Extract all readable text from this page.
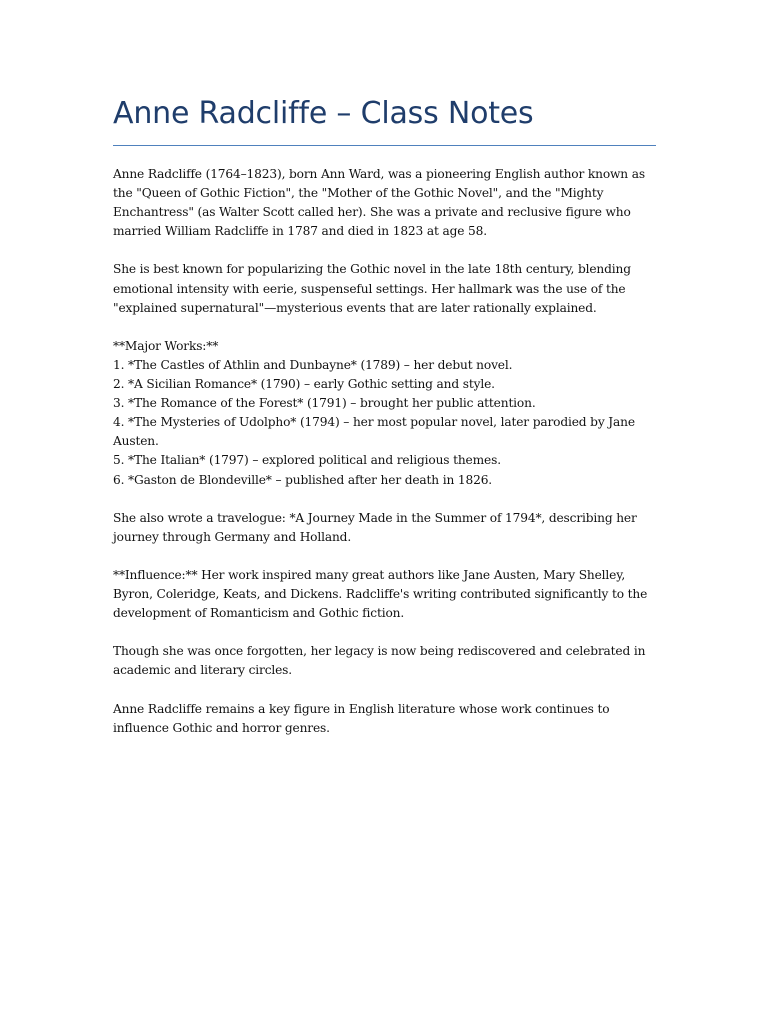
Anne Radcliffe – Class Notes

Anne Radcliffe (1764–1823), born Ann Ward, was a pioneering English author known as the "Queen of Gothic Fiction", the "Mother of the Gothic Novel", and the "Mighty Enchantress" (as Walter Scott called her). She was a private and reclusive figure who married William Radcliffe in 1787 and died in 1823 at age 58.

She is best known for popularizing the Gothic novel in the late 18th century, blending emotional intensity with eerie, suspenseful settings. Her hallmark was the use of the "explained supernatural"—mysterious events that are later rationally explained.

**Major Works:**
1. *The Castles of Athlin and Dunbayne* (1789) – her debut novel.
2. *A Sicilian Romance* (1790) – early Gothic setting and style.
3. *The Romance of the Forest* (1791) – brought her public attention.
4. *The Mysteries of Udolpho* (1794) – her most popular novel, later parodied by Jane Austen.
5. *The Italian* (1797) – explored political and religious themes.
6. *Gaston de Blondeville* – published after her death in 1826.

She also wrote a travelogue: *A Journey Made in the Summer of 1794*, describing her journey through Germany and Holland.

**Influence:** Her work inspired many great authors like Jane Austen, Mary Shelley, Byron, Coleridge, Keats, and Dickens. Radcliffe's writing contributed significantly to the development of Romanticism and Gothic fiction.

Though she was once forgotten, her legacy is now being rediscovered and celebrated in academic and literary circles.

Anne Radcliffe remains a key figure in English literature whose work continues to influence Gothic and horror genres.
